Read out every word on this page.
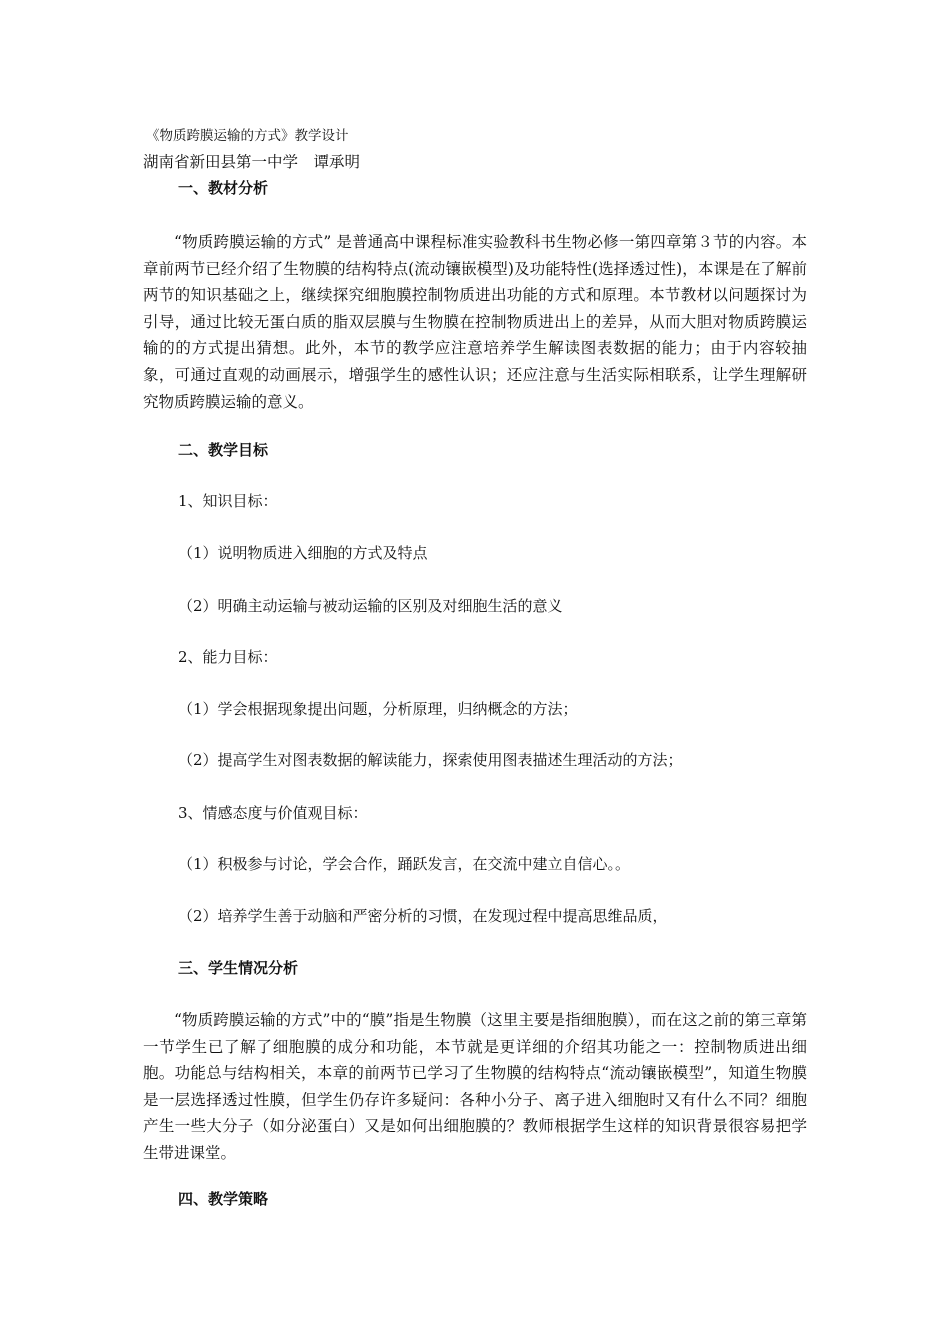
《物质跨膜运输的方式》教学设计
湖南省新田县第一中学　谭承明
一、教材分析

“物质跨膜运输的方式” 是普通高中课程标准实验教科书生物必修一第四章第３节的内容。本章前两节已经介绍了生物膜的结构特点(流动镶嵌模型)及功能特性(选择透过性)，本课是在了解前两节的知识基础之上，继续探究细胞膜控制物质进出功能的方式和原理。本节教材以问题探讨为引导，通过比较无蛋白质的脂双层膜与生物膜在控制物质进出上的差异，从而大胆对物质跨膜运输的的方式提出猜想。此外，本节的教学应注意培养学生解读图表数据的能力；由于内容较抽象，可通过直观的动画展示，增强学生的感性认识；还应注意与生活实际相联系，让学生理解研究物质跨膜运输的意义。

二、教学目标
1、知识目标：
（1）说明物质进入细胞的方式及特点
（2）明确主动运输与被动运输的区别及对细胞生活的意义
2、能力目标：
（1）学会根据现象提出问题，分析原理，归纳概念的方法；
（2）提高学生对图表数据的解读能力，探索使用图表描述生理活动的方法；
3、情感态度与价值观目标：
（1）积极参与讨论，学会合作，踊跃发言，在交流中建立自信心。。
（2）培养学生善于动脑和严密分析的习惯，在发现过程中提高思维品质，
三、学生情况分析

“物质跨膜运输的方式”中的“膜”指是生物膜（这里主要是指细胞膜），而在这之前的第三章第一节学生已了解了细胞膜的成分和功能，本节就是更详细的介绍其功能之一：控制物质进出细胞。功能总与结构相关，本章的前两节已学习了生物膜的结构特点“流动镶嵌模型”，知道生物膜是一层选择透过性膜，但学生仍存许多疑问：各种小分子、离子进入细胞时又有什么不同？细胞产生一些大分子（如分泌蛋白）又是如何出细胞膜的？教师根据学生这样的知识背景很容易把学生带进课堂。

四、教学策略
